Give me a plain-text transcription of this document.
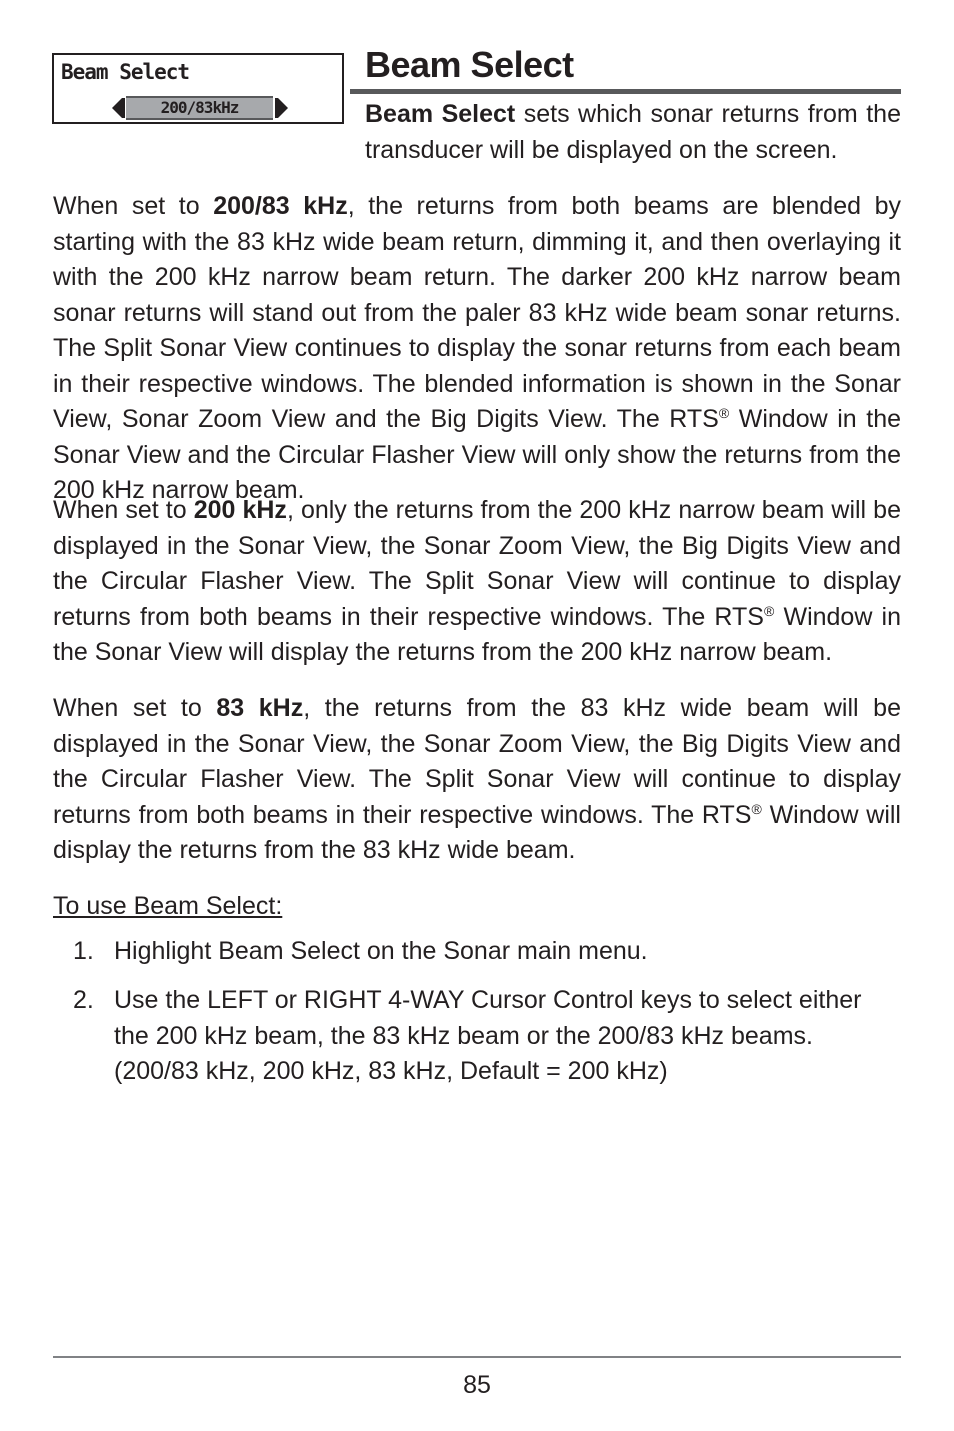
Beam Select
200/83kHz
Beam Select

Beam Select sets which sonar returns from the transducer will be displayed on the screen.

When set to 200/83 kHz, the returns from both beams are blended by starting with the 83 kHz wide beam return, dimming it, and then overlaying it with the 200 kHz narrow beam return. The darker 200 kHz narrow beam sonar returns will stand out from the paler 83 kHz wide beam sonar returns. The Split Sonar View continues to display the sonar returns from each beam in their respective windows. The blended information is shown in the Sonar View, Sonar Zoom View and the Big Digits View. The RTS® Window in the Sonar View and the Circular Flasher View will only show the returns from the 200 kHz narrow beam.

When set to 200 kHz, only the returns from the 200 kHz narrow beam will be displayed in the Sonar View, the Sonar Zoom View, the Big Digits View and the Circular Flasher View. The Split Sonar View will continue to display returns from both beams in their respective windows. The RTS® Window in the Sonar View will display the returns from the 200 kHz narrow beam.

When set to 83 kHz, the returns from the 83 kHz wide beam will be displayed in the Sonar View, the Sonar Zoom View, the Big Digits View and the Circular Flasher View. The Split Sonar View will continue to display returns from both beams in their respective windows. The RTS® Window will display the returns from the 83 kHz wide beam.

To use Beam Select:

1. Highlight Beam Select on the Sonar main menu.
2. Use the LEFT or RIGHT 4-WAY Cursor Control keys to select either the 200 kHz beam, the 83 kHz beam or the 200/83 kHz beams. (200/83 kHz, 200 kHz, 83 kHz, Default = 200 kHz)
85
